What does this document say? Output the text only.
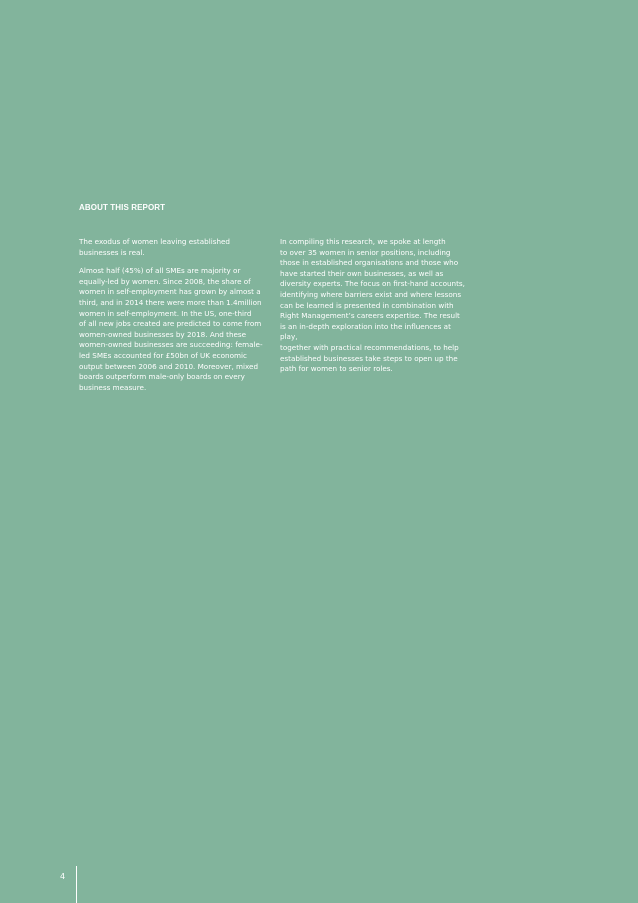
ABOUT THIS REPORT

The exodus of women leaving established
businesses is real.

Almost half (45%) of all SMEs are majority or
equally-led by women. Since 2008, the share of
women in self-employment has grown by almost a
third, and in 2014 there were more than 1.4million
women in self-employment. In the US, one-third
of all new jobs created are predicted to come from
women-owned businesses by 2018. And these
women-owned businesses are succeeding: female-
led SMEs accounted for £50bn of UK economic
output between 2006 and 2010. Moreover, mixed
boards outperform male-only boards on every
business measure.

In compiling this research, we spoke at length
to over 35 women in senior positions, including
those in established organisations and those who
have started their own businesses, as well as
diversity experts. The focus on first-hand accounts,
identifying where barriers exist and where lessons
can be learned is presented in combination with
Right Management’s careers expertise. The result
is an in-depth exploration into the influences at play,
together with practical recommendations, to help
established businesses take steps to open up the
path for women to senior roles.

4
